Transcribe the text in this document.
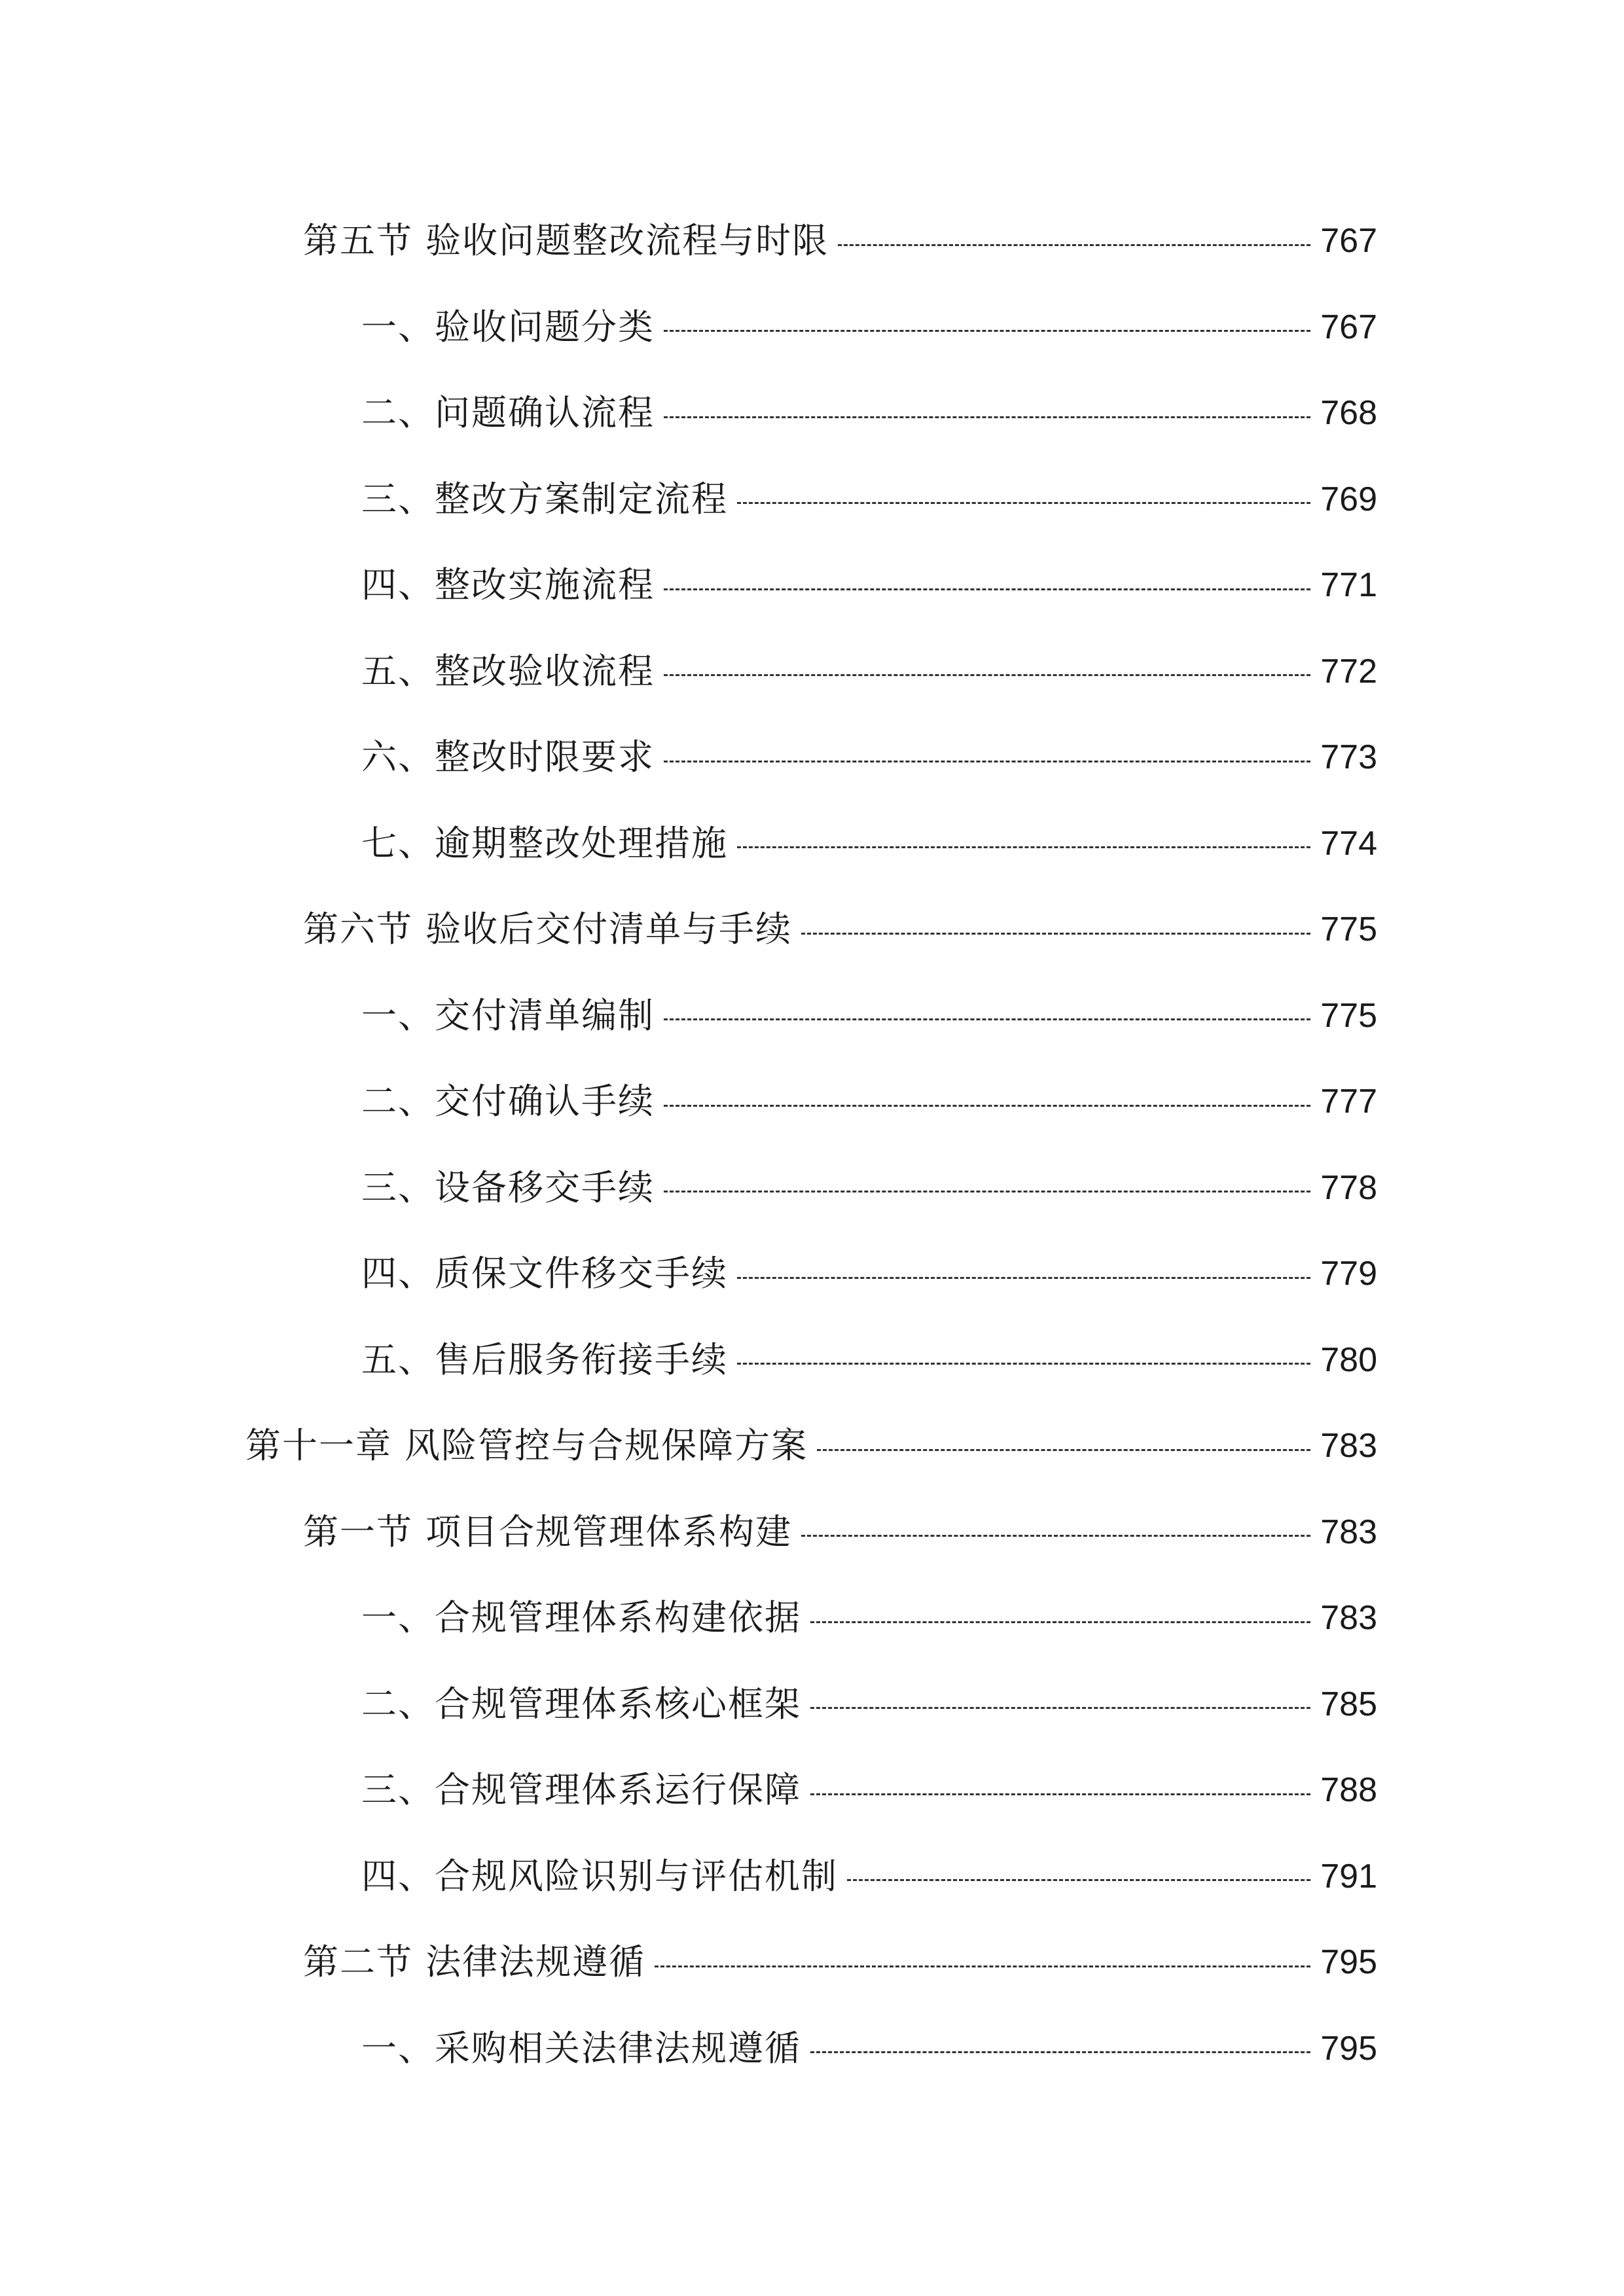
第五节 验收问题整改流程与时限	767
一、验收问题分类	767
二、问题确认流程	768
三、整改方案制定流程	769
四、整改实施流程	771
五、整改验收流程	772
六、整改时限要求	773
七、逾期整改处理措施	774
第六节 验收后交付清单与手续	775
一、交付清单编制	775
二、交付确认手续	777
三、设备移交手续	778
四、质保文件移交手续	779
五、售后服务衔接手续	780
第十一章 风险管控与合规保障方案	783
第一节 项目合规管理体系构建	783
一、合规管理体系构建依据	783
二、合规管理体系核心框架	785
三、合规管理体系运行保障	788
四、合规风险识别与评估机制	791
第二节 法律法规遵循	795
一、采购相关法律法规遵循	795
